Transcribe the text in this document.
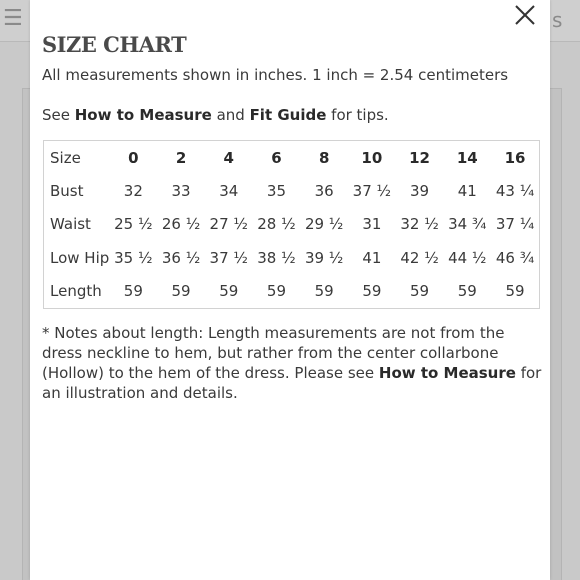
☰	s
SIZE CHART
All measurements shown in inches. 1 inch = 2.54 centimeters
See How to Measure and Fit Guide for tips.
Size	0	2	4	6	8	10	12	14	16
Bust	32	33	34	35	36	37 ½	39	41	43 ¼
Waist	25 ½	26 ½	27 ½	28 ½	29 ½	31	32 ½	34 ¾	37 ¼
Low Hip	35 ½	36 ½	37 ½	38 ½	39 ½	41	42 ½	44 ½	46 ¾
Length	59	59	59	59	59	59	59	59	59
* Notes about length: Length measurements are not from the dress neckline to hem, but rather from the center collarbone (Hollow) to the hem of the dress. Please see How to Measure for an illustration and details.
